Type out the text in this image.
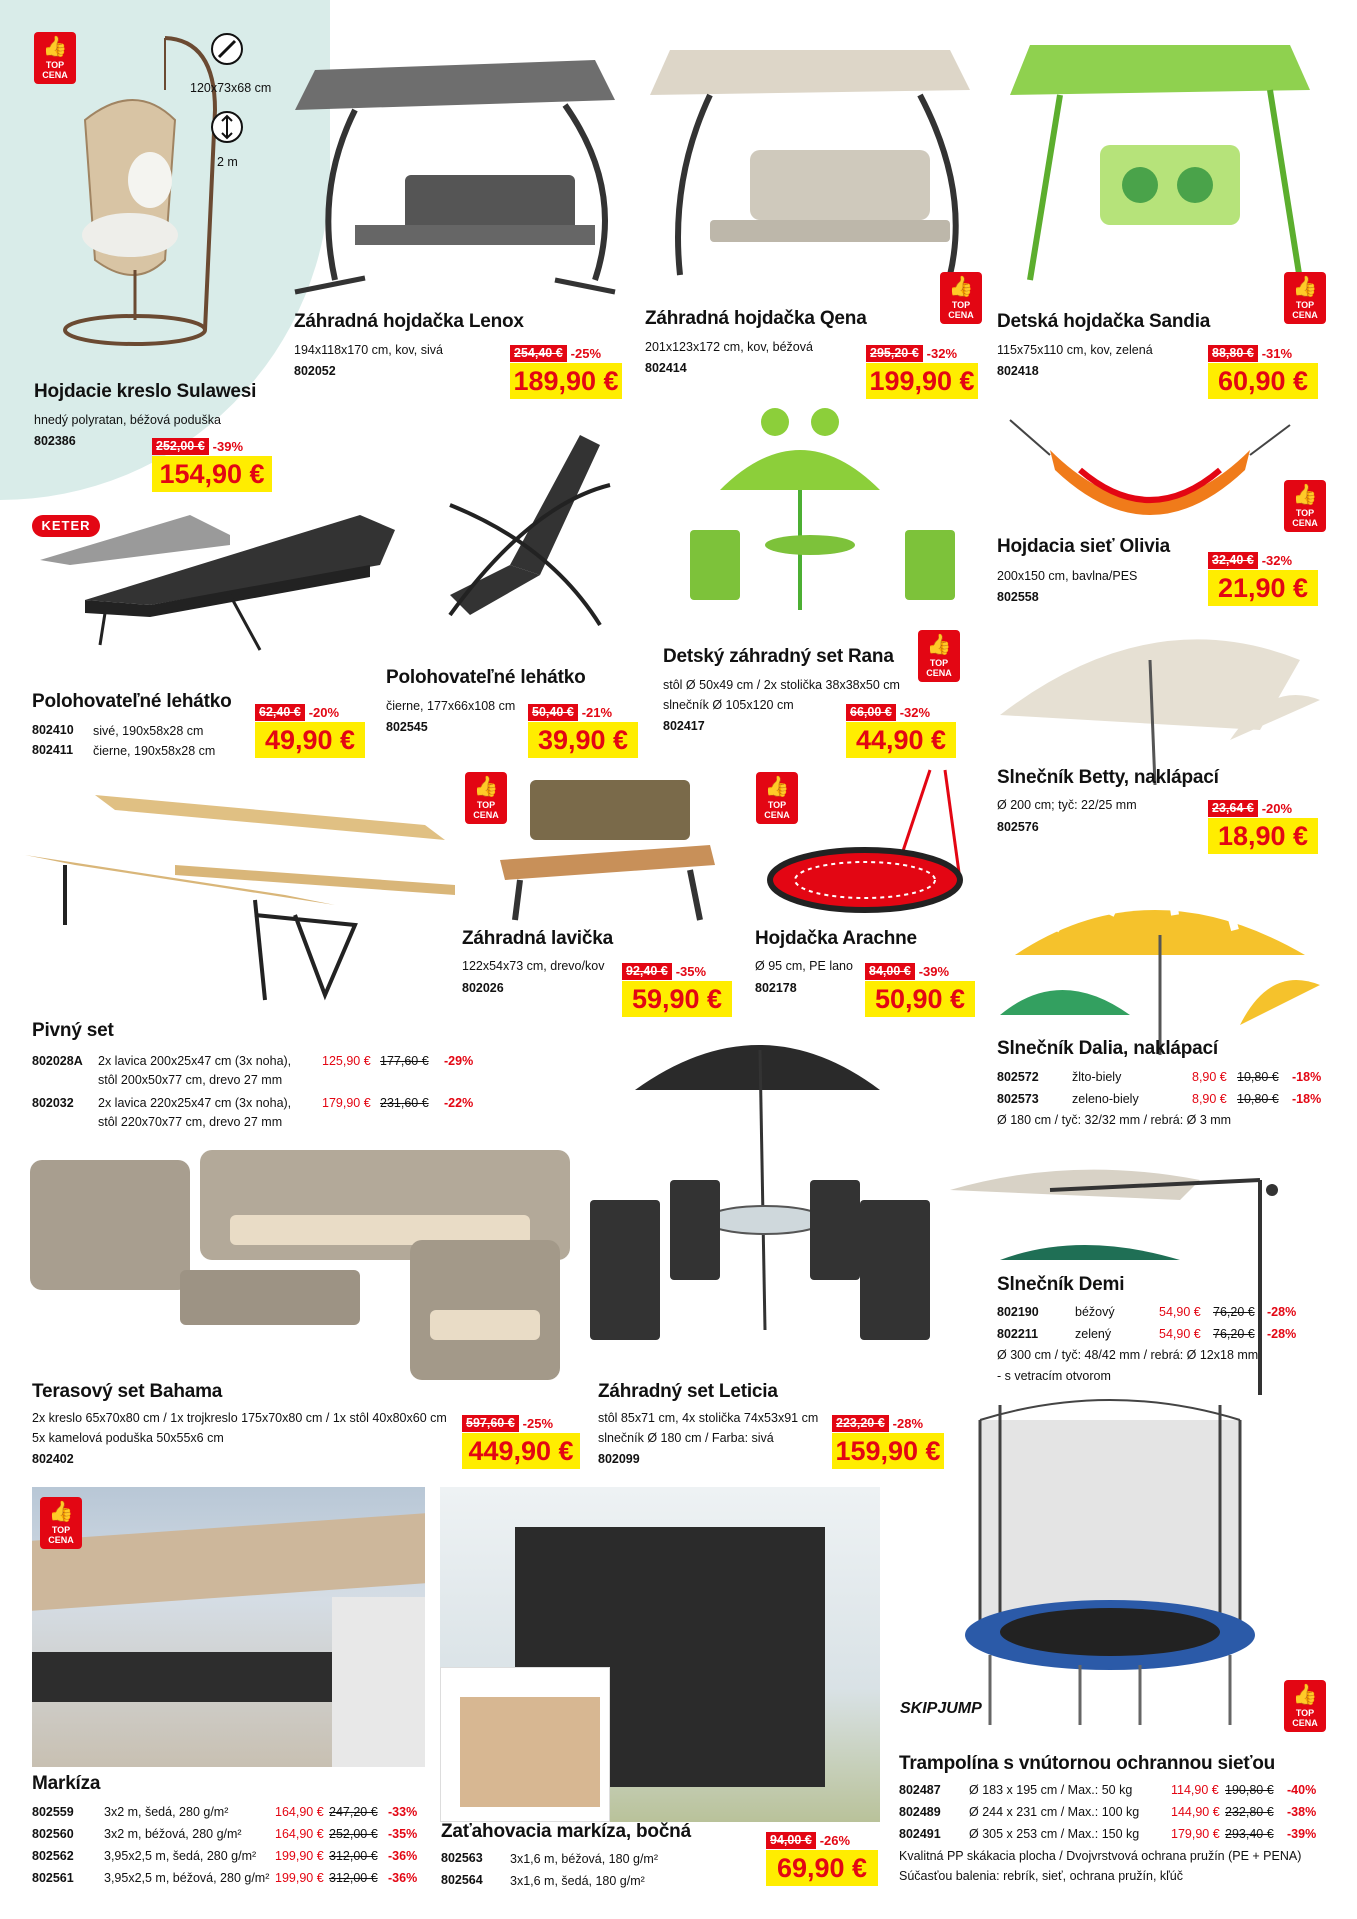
👍
TOP
CENA
120x73x68 cm
2 m
Hojdacie kreslo Sulawesi
hnedý polyratan, béžová poduška
802386	252,00 € -39%
154,90 €
Záhradná hojdačka Lenox
194x118x170 cm, kov, sivá
802052
254,40 € -25%
189,90 €
👍
TOP
CENA
Záhradná hojdačka Qena
201x123x172 cm, kov, béžová
802414
295,20 € -32%
199,90 €
👍
TOP
CENA
Detská hojdačka Sandia
115x75x110 cm, kov, zelená
802418
88,80 € -31%
60,90 €
👍
TOP
CENA
Hojdacia sieť Olivia
200x150 cm, bavlna/PES
802558
32,40 € -32%
21,90 €
KETER
Polohovateľné lehátko
802410 sivé, 190x58x28 cm
802411 čierne, 190x58x28 cm
62,40 € -20%
49,90 €
Polohovateľné lehátko
čierne, 177x66x108 cm
802545
50,40 € -21%
39,90 €
👍
TOP
CENA
Detský záhradný set Rana
stôl Ø 50x49 cm / 2x stolička 38x38x50 cm
slnečník Ø 105x120 cm
802417
66,00 € -32%
44,90 €
Slnečník Betty, naklápací
Ø 200 cm; tyč: 22/25 mm
802576
23,64 € -20%
18,90 €
Pivný set
802028A 2x lavica 200x25x47 cm (3x noha), 125,90 € 177,60 € -29%
stôl 200x50x77 cm, drevo 27 mm
802032 2x lavica 220x25x47 cm (3x noha), 179,90 € 231,60 € -22%
stôl 220x70x77 cm, drevo 27 mm
👍
TOP
CENA
Záhradná lavička
122x54x73 cm, drevo/kov
802026
92,40 € -35%
59,90 €
👍
TOP
CENA
Hojdačka Arachne
Ø 95 cm, PE lano
802178
84,00 € -39%
50,90 €
Slnečník Dalia, naklápací
802572	žlto-biely	8,90 € 10,80 € -18%
802573	zeleno-biely	8,90 € 10,80 € -18%
Ø 180 cm / tyč: 32/32 mm / rebrá: Ø 3 mm
Terasový set Bahama
2x kreslo 65x70x80 cm / 1x trojkreslo 175x70x80 cm / 1x stôl 40x80x60 cm
5x kamelová poduška 50x55x6 cm
802402
597,60 € -25%
449,90 €
Záhradný set Leticia
stôl 85x71 cm, 4x stolička 74x53x91 cm
slnečník Ø 180 cm / Farba: sivá
802099
223,20 € -28%
159,90 €
Slnečník Demi
802190	béžový	54,90 € 76,20 € -28%
802211	zelený	54,90 € 76,20 € -28%
Ø 300 cm / tyč: 48/42 mm / rebrá: Ø 12x18 mm
- s vetracím otvorom
👍
TOP
CENA
Markíza
802559 3x2 m, šedá, 280 g/m²	164,90 € 247,20 € -33%
802560 3x2 m, béžová, 280 g/m²	164,90 € 252,00 € -35%
802562 3,95x2,5 m, šedá, 280 g/m² 199,90 € 312,00 € -36%
802561 3,95x2,5 m, béžová, 280 g/m² 199,90 € 312,00 € -36%
Zaťahovacia markíza, bočná
802563 3x1,6 m, béžová, 180 g/m²
802564 3x1,6 m, šedá, 180 g/m²
94,00 € -26%
69,90 €
SKIPJUMP
👍
TOP
CENA
Trampolína s vnútornou ochrannou sieťou
802487 Ø 183 x 195 cm / Max.: 50 kg	114,90 € 190,80 € -40%
802489 Ø 244 x 231 cm / Max.: 100 kg	144,90 € 232,80 € -38%
802491 Ø 305 x 253 cm / Max.: 150 kg	179,90 € 293,40 € -39%
Kvalitná PP skákacia plocha / Dvojvrstvová ochrana pružín (PE + PENA)
Súčasťou balenia: rebrík, sieť, ochrana pružín, kľúč
